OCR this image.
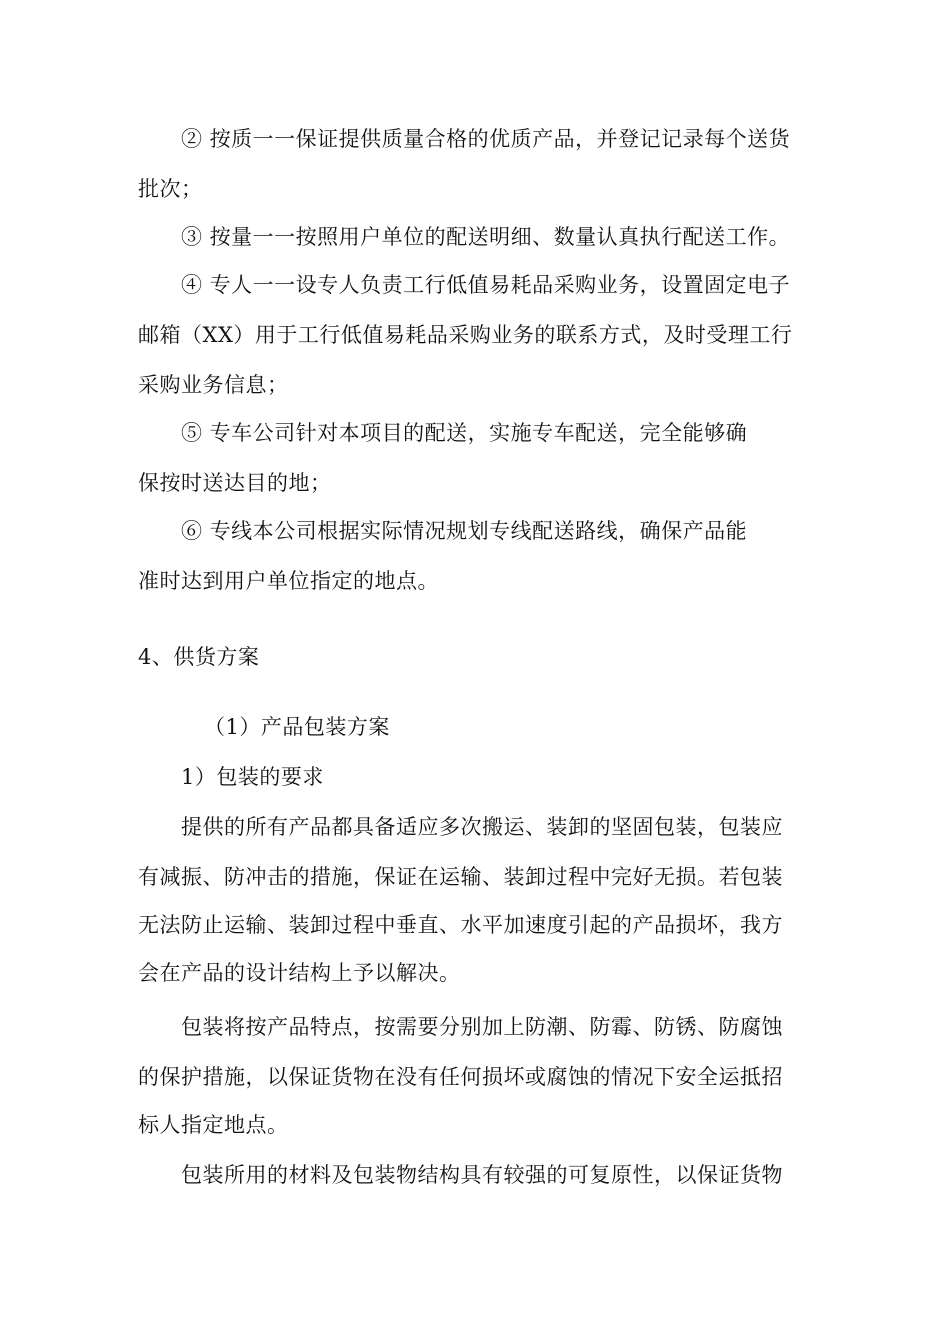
② 按质一一保证提供质量合格的优质产品，并登记记录每个送货
批次；
③ 按量一一按照用户单位的配送明细、数量认真执行配送工作。
④ 专人一一设专人负责工行低值易耗品采购业务，设置固定电子
邮箱（XX）用于工行低值易耗品采购业务的联系方式，及时受理工行
采购业务信息；
⑤ 专车公司针对本项目的配送，实施专车配送，完全能够确
保按时送达目的地；
⑥ 专线本公司根据实际情况规划专线配送路线，确保产品能
准时达到用户单位指定的地点。
4、供货方案
（1）产品包装方案
1）包装的要求
提供的所有产品都具备适应多次搬运、装卸的坚固包装，包装应
有减振、防冲击的措施，保证在运输、装卸过程中完好无损。若包装
无法防止运输、装卸过程中垂直、水平加速度引起的产品损坏，我方
会在产品的设计结构上予以解决。
包装将按产品特点，按需要分别加上防潮、防霉、防锈、防腐蚀
的保护措施，以保证货物在没有任何损坏或腐蚀的情况下安全运抵招
标人指定地点。
包装所用的材料及包装物结构具有较强的可复原性，以保证货物
